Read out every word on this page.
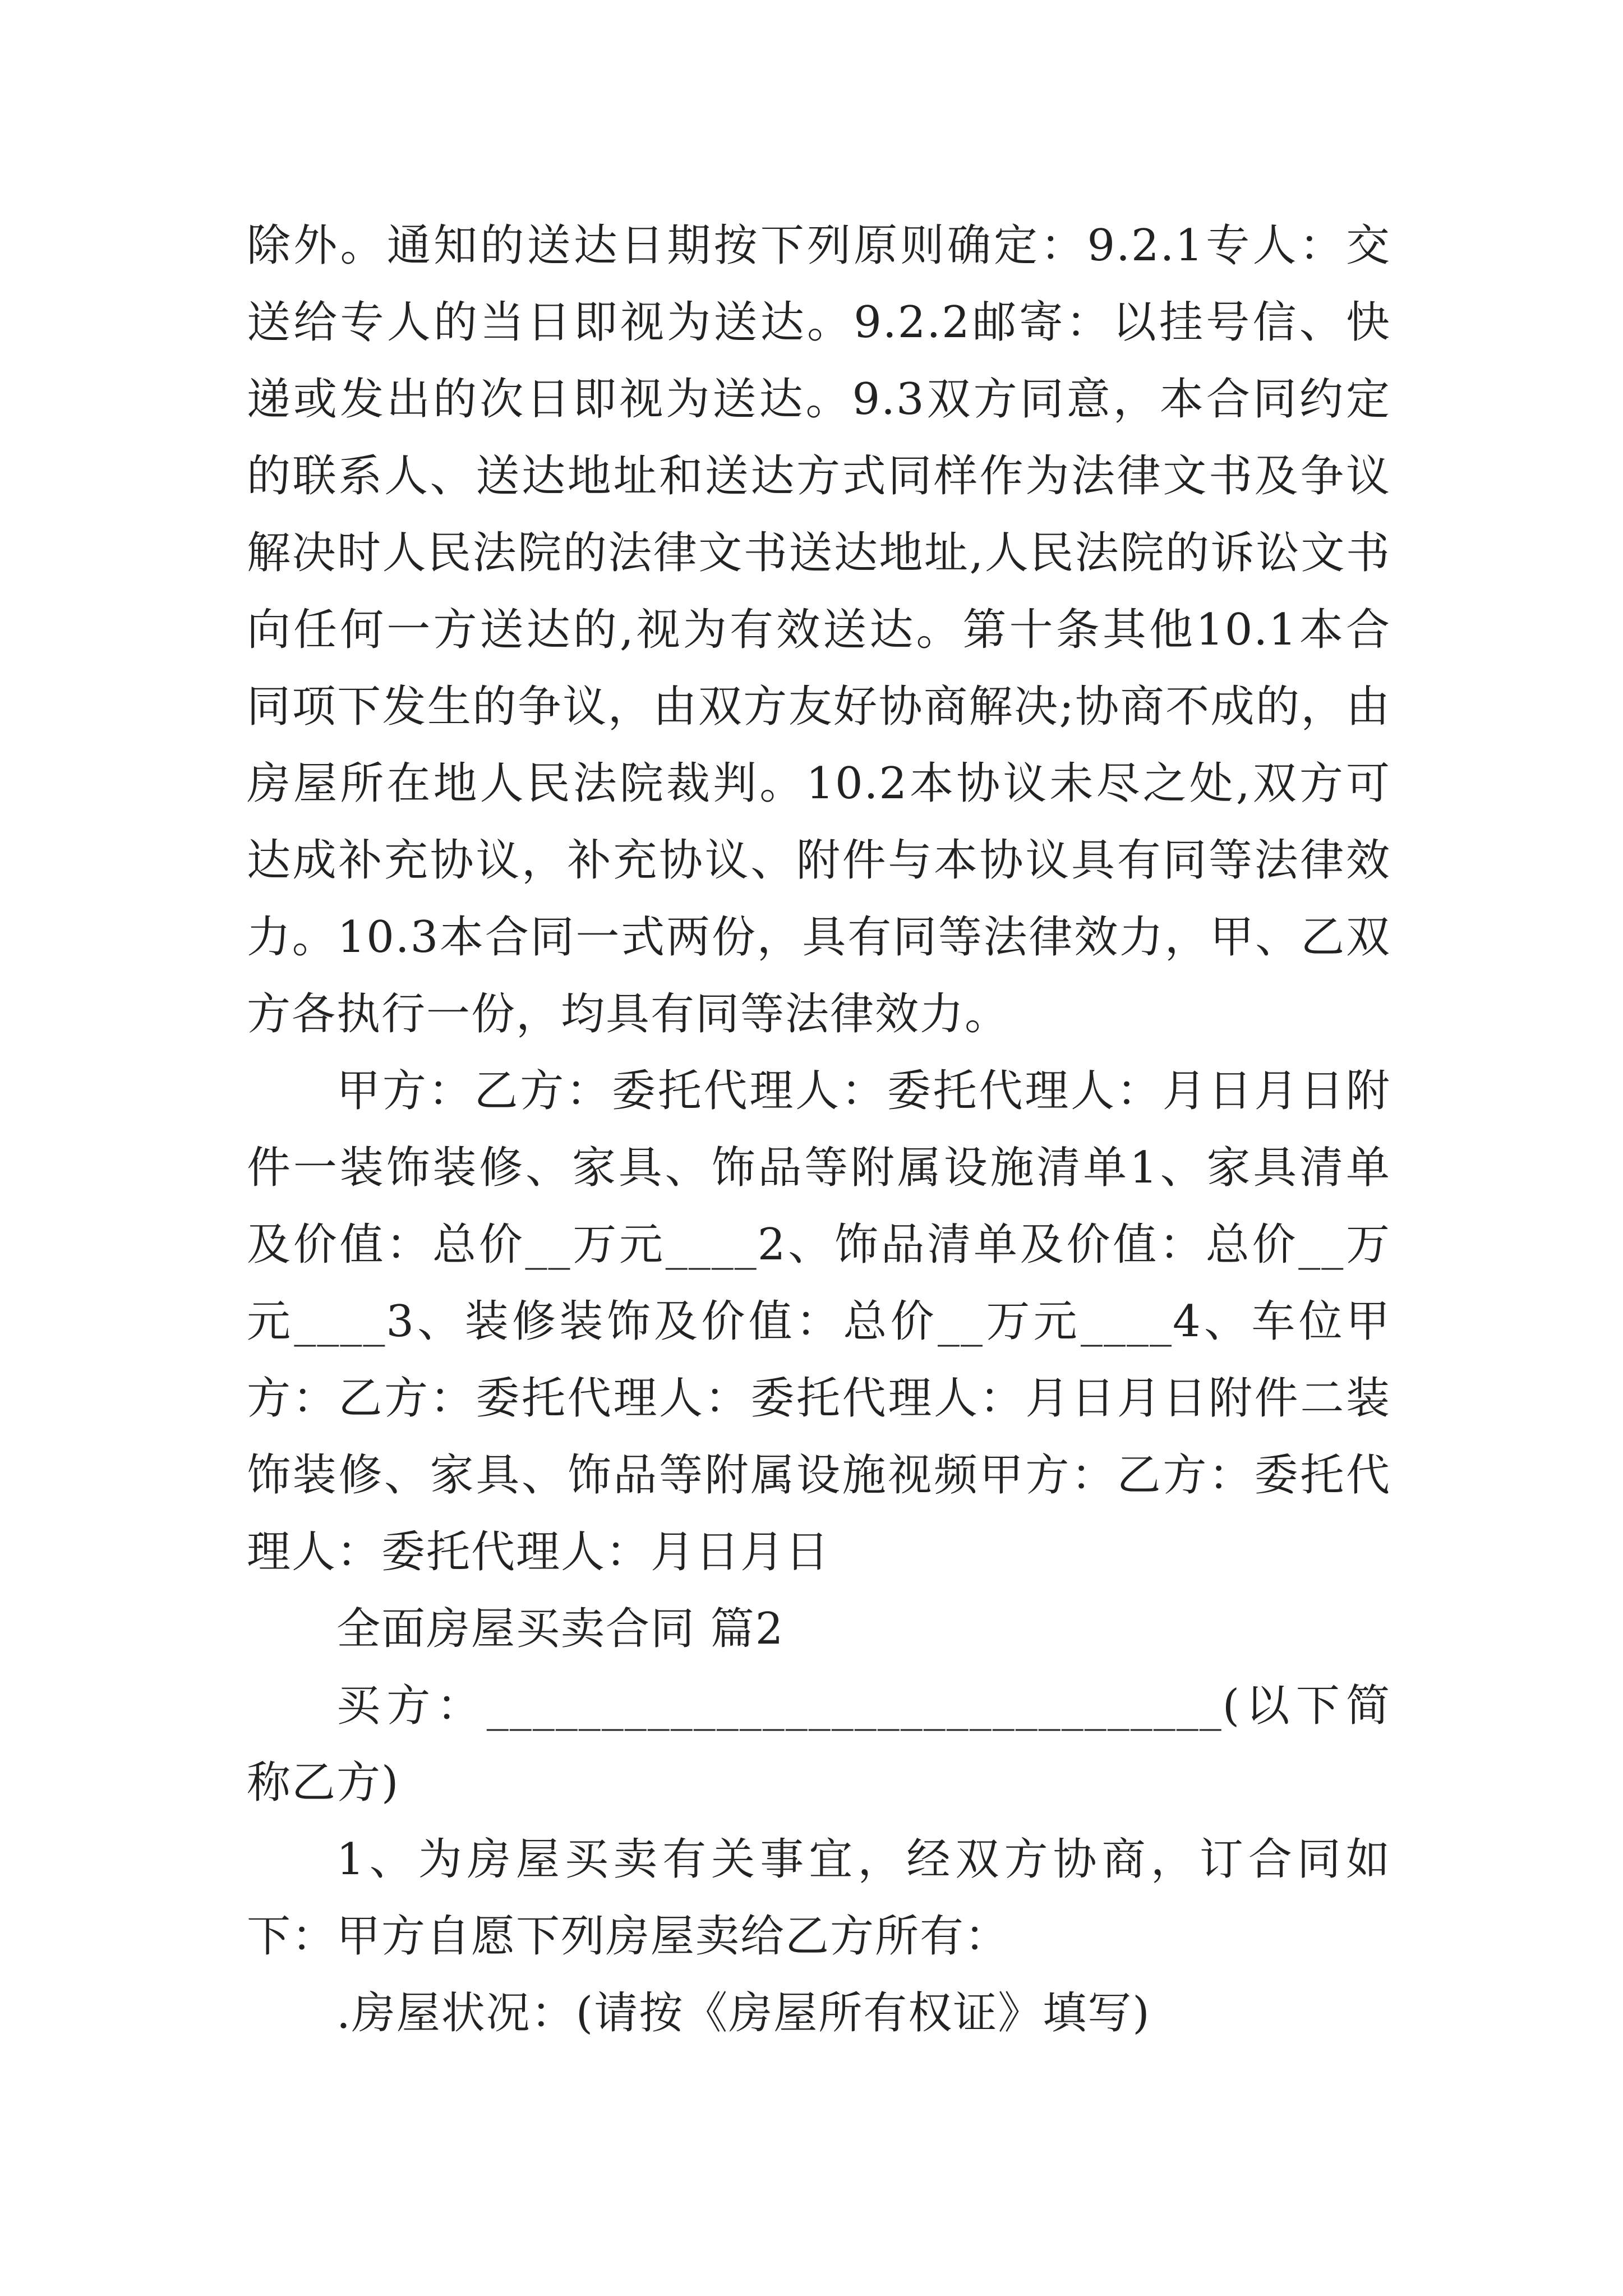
除外。通知的送达日期按下列原则确定：9.2.1专人：交送给专人的当日即视为送达。9.2.2邮寄：以挂号信、快递或发出的次日即视为送达。9.3双方同意，本合同约定的联系人、送达地址和送达方式同样作为法律文书及争议解决时人民法院的法律文书送达地址,人民法院的诉讼文书向任何一方送达的,视为有效送达。第十条其他10.1本合同项下发生的争议，由双方友好协商解决;协商不成的，由房屋所在地人民法院裁判。10.2本协议未尽之处,双方可达成补充协议，补充协议、附件与本协议具有同等法律效力。10.3本合同一式两份，具有同等法律效力，甲、乙双方各执行一份，均具有同等法律效力。

甲方：乙方：委托代理人：委托代理人：月日月日附件一装饰装修、家具、饰品等附属设施清单1、家具清单及价值：总价__万元____2、饰品清单及价值：总价__万元____3、装修装饰及价值：总价__万元____4、车位甲方：乙方：委托代理人：委托代理人：月日月日附件二装饰装修、家具、饰品等附属设施视频甲方：乙方：委托代理人：委托代理人：月日月日

全面房屋买卖合同 篇2

买方：________________________________(以下简称乙方)

1、为房屋买卖有关事宜，经双方协商，订合同如下：甲方自愿下列房屋卖给乙方所有：

.房屋状况：(请按《房屋所有权证》填写)
